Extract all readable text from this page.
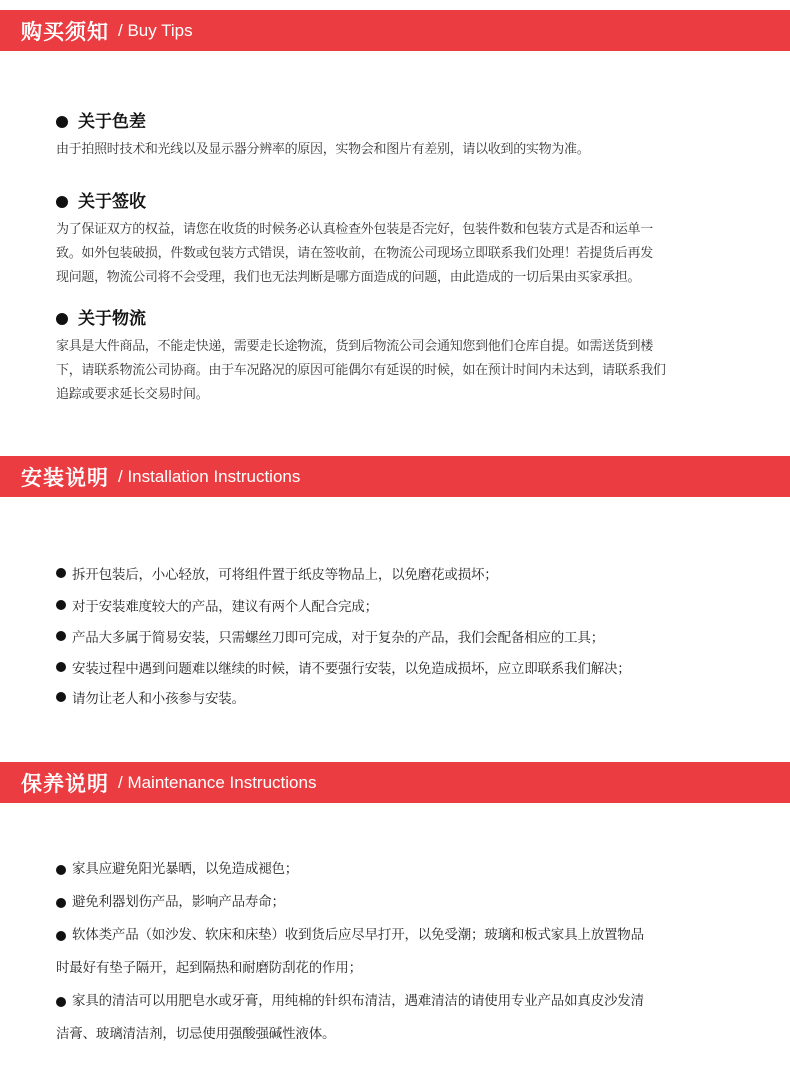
购买须知 / Buy Tips
关于色差
由于拍照时技术和光线以及显示器分辨率的原因，实物会和图片有差别，请以收到的实物为准。
关于签收
为了保证双方的权益，请您在收货的时候务必认真检查外包装是否完好，包装件数和包装方式是否和运单一
致。如外包装破损，件数或包装方式错误，请在签收前，在物流公司现场立即联系我们处理！若提货后再发
现问题，物流公司将不会受理，我们也无法判断是哪方面造成的问题，由此造成的一切后果由买家承担。
关于物流
家具是大件商品，不能走快递，需要走长途物流，货到后物流公司会通知您到他们仓库自提。如需送货到楼
下，请联系物流公司协商。由于车况路况的原因可能偶尔有延误的时候，如在预计时间内未达到，请联系我们
追踪或要求延长交易时间。
安装说明 / Installation Instructions
拆开包装后，小心轻放，可将组件置于纸皮等物品上，以免磨花或损坏；
对于安装难度较大的产品，建议有两个人配合完成；
产品大多属于简易安装，只需螺丝刀即可完成，对于复杂的产品，我们会配备相应的工具；
安装过程中遇到问题难以继续的时候，请不要强行安装，以免造成损坏，应立即联系我们解决；
请勿让老人和小孩参与安装。
保养说明 / Maintenance Instructions
家具应避免阳光暴晒，以免造成褪色；
避免利器划伤产品，影响产品寿命；
软体类产品（如沙发、软床和床垫）收到货后应尽早打开，以免受潮；玻璃和板式家具上放置物品
时最好有垫子隔开，起到隔热和耐磨防刮花的作用；
家具的清洁可以用肥皂水或牙膏，用纯棉的针织布清洁，遇难清洁的请使用专业产品如真皮沙发清
洁膏、玻璃清洁剂，切忌使用强酸强碱性液体。
